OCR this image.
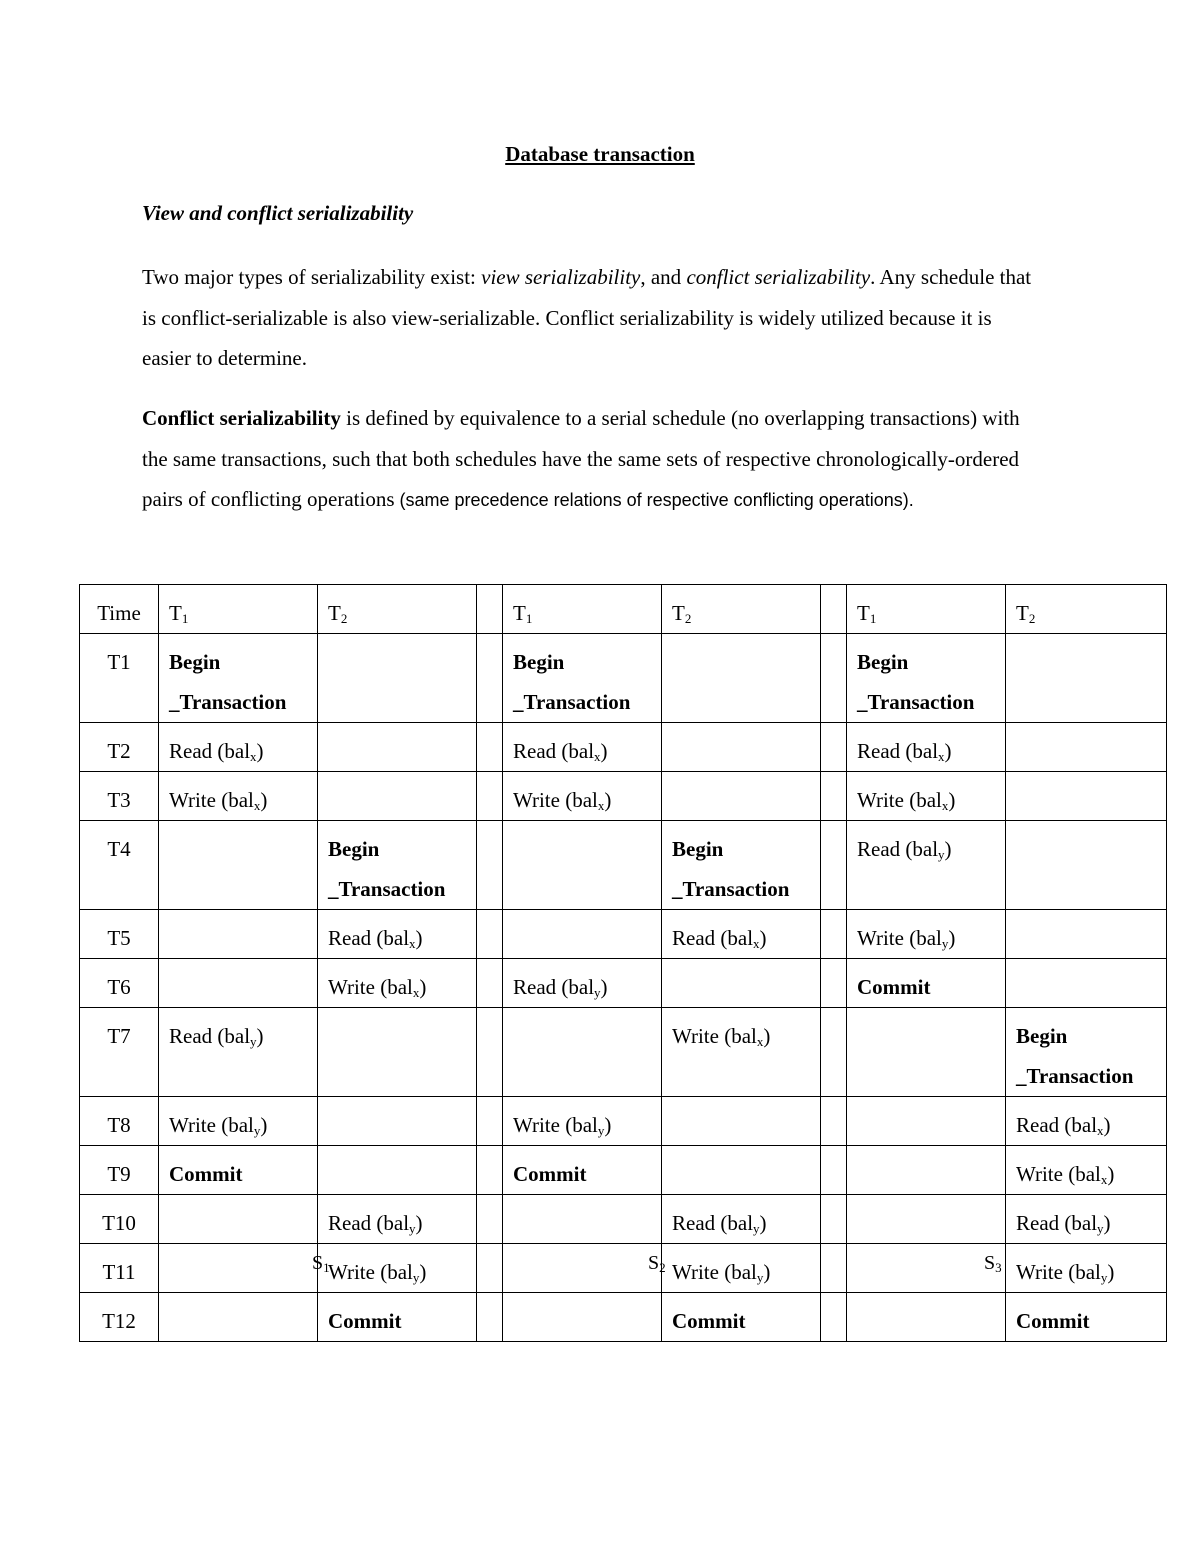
Database transaction
View and conflict serializability
Two major types of serializability exist: view serializability, and conflict serializability. Any schedule that is conflict-serializable is also view-serializable. Conflict serializability is widely utilized because it is easier to determine.
Conflict serializability is defined by equivalence to a serial schedule (no overlapping transactions) with the same transactions, such that both schedules have the same sets of respective chronologically-ordered pairs of conflicting operations (same precedence relations of respective conflicting operations).
Time	$T_1$	$T_2$		$T_1$	$T_2$		$T_1$	$T_2$
T1	Begin _Transaction			Begin _Transaction			Begin _Transaction	
T2	Read (bal$_x$)			Read (bal$_x$)			Read (bal$_x$)	
T3	Write (bal$_x$)			Write (bal$_x$)			Write (bal$_x$)	
T4		Begin _Transaction			Begin _Transaction		Read (bal$_y$)	
T5		Read (bal$_x$)			Read (bal$_x$)		Write (bal$_y$)	
T6		Write (bal$_x$)		Read (bal$_y$)			Commit	
T7	Read (bal$_y$)				Write (bal$_x$)			Begin _Transaction
T8	Write (bal$_y$)			Write (bal$_y$)				Read (bal$_x$)
T9	Commit			Commit				Write (bal$_x$)
T10		Read (bal$_y$)			Read (bal$_y$)			Read (bal$_y$)
T11		Write (bal$_y$)			Write (bal$_y$)			Write (bal$_y$)
T12		Commit			Commit			Commit
$S_1$	$S_2$	$S_3$
